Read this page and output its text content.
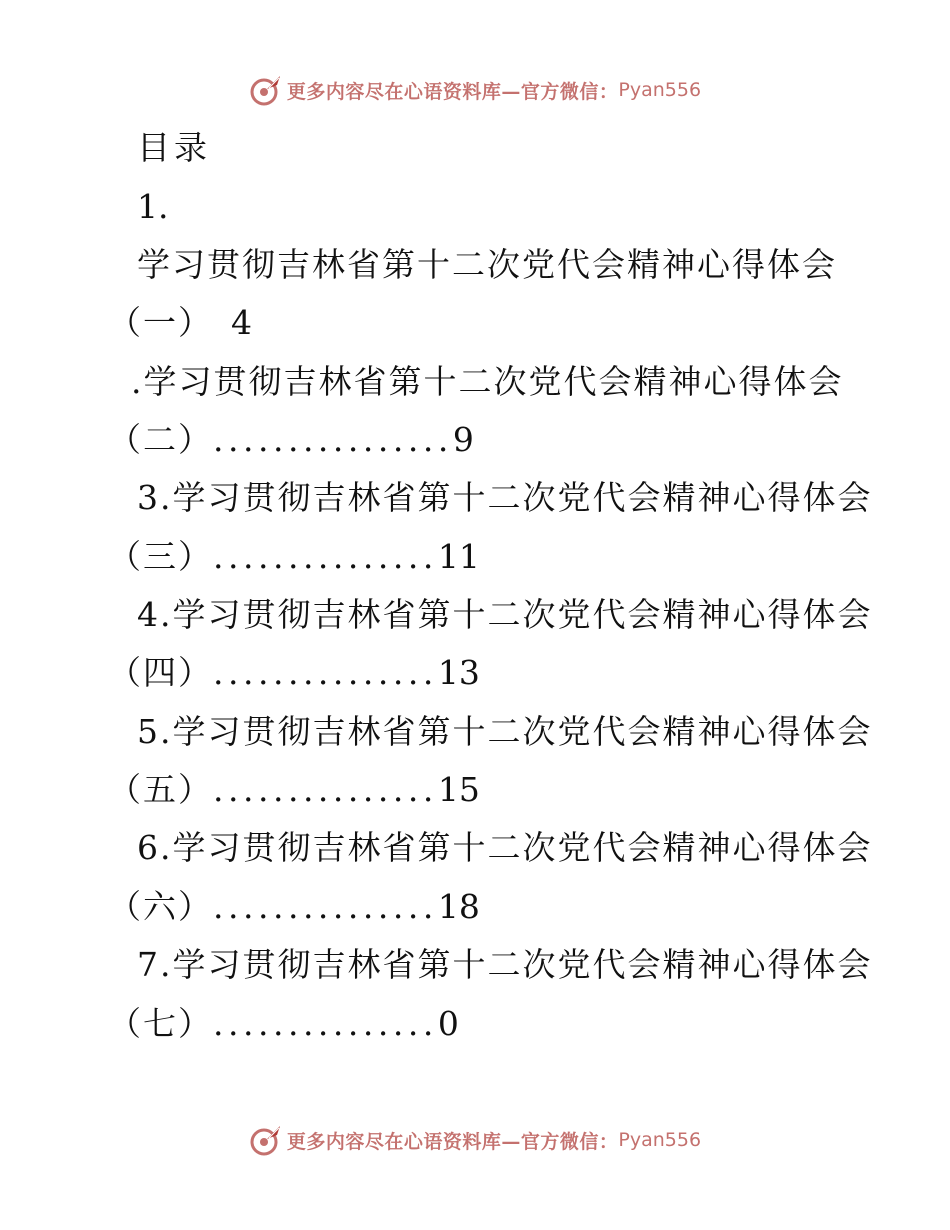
更多内容尽在心语资料库—官方微信： Pyan556
目录
1.
学习贯彻吉林省第十二次党代会精神心得体会
（一） 4
.学习贯彻吉林省第十二次党代会精神心得体会
（二）................9
3.学习贯彻吉林省第十二次党代会精神心得体会
（三）...............11
4.学习贯彻吉林省第十二次党代会精神心得体会
（四）...............13
5.学习贯彻吉林省第十二次党代会精神心得体会
（五）...............15
6.学习贯彻吉林省第十二次党代会精神心得体会
（六）...............18
7.学习贯彻吉林省第十二次党代会精神心得体会
（七）...............0
更多内容尽在心语资料库—官方微信： Pyan556
